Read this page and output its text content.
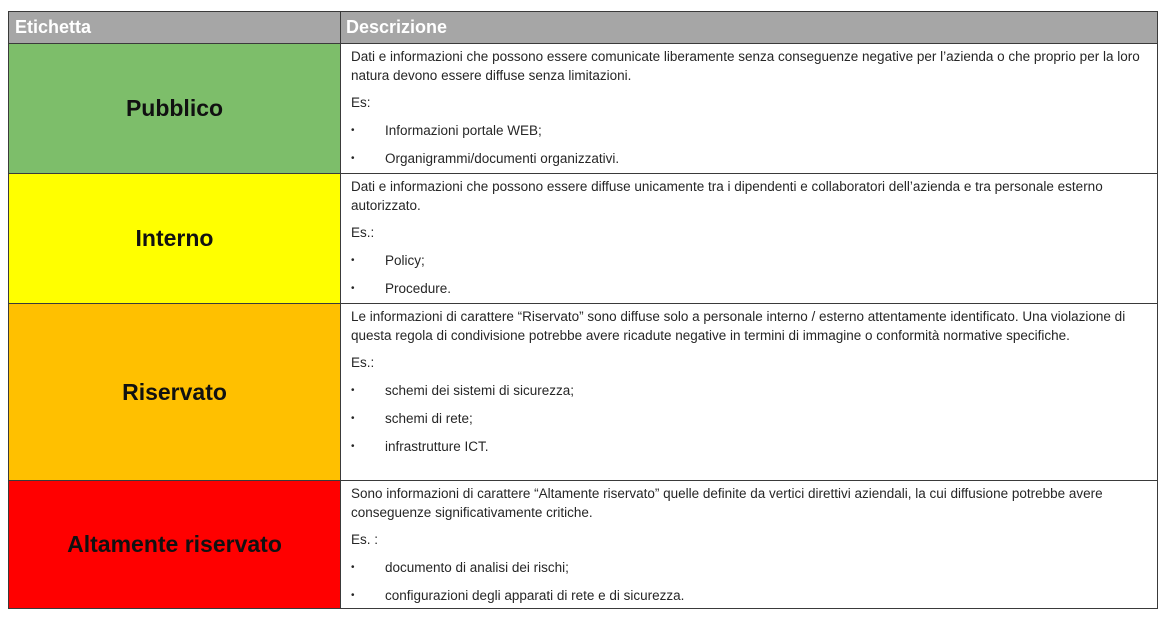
Etichetta	Descrizione
Pubblico

Dati e informazioni che possono essere comunicate liberamente senza conseguenze negative per l’azienda o che proprio per la loro natura devono essere diffuse senza limitazioni.

Es:

• Informazioni portale WEB;
• Organigrammi/documenti organizzativi.
Interno

Dati e informazioni che possono essere diffuse unicamente tra i dipendenti e collaboratori dell’azienda e tra personale esterno autorizzato.

Es.:

• Policy;
• Procedure.
Riservato

Le informazioni di carattere “Riservato” sono diffuse solo a personale interno / esterno attentamente identificato. Una violazione di questa regola di condivisione potrebbe avere ricadute negative in termini di immagine o conformità normative specifiche.

Es.:

• schemi dei sistemi di sicurezza;
• schemi di rete;
• infrastrutture ICT.
Altamente riservato

Sono informazioni di carattere “Altamente riservato” quelle definite da vertici direttivi aziendali, la cui diffusione potrebbe avere conseguenze significativamente critiche.

Es. :

• documento di analisi dei rischi;
• configurazioni degli apparati di rete e di sicurezza.
